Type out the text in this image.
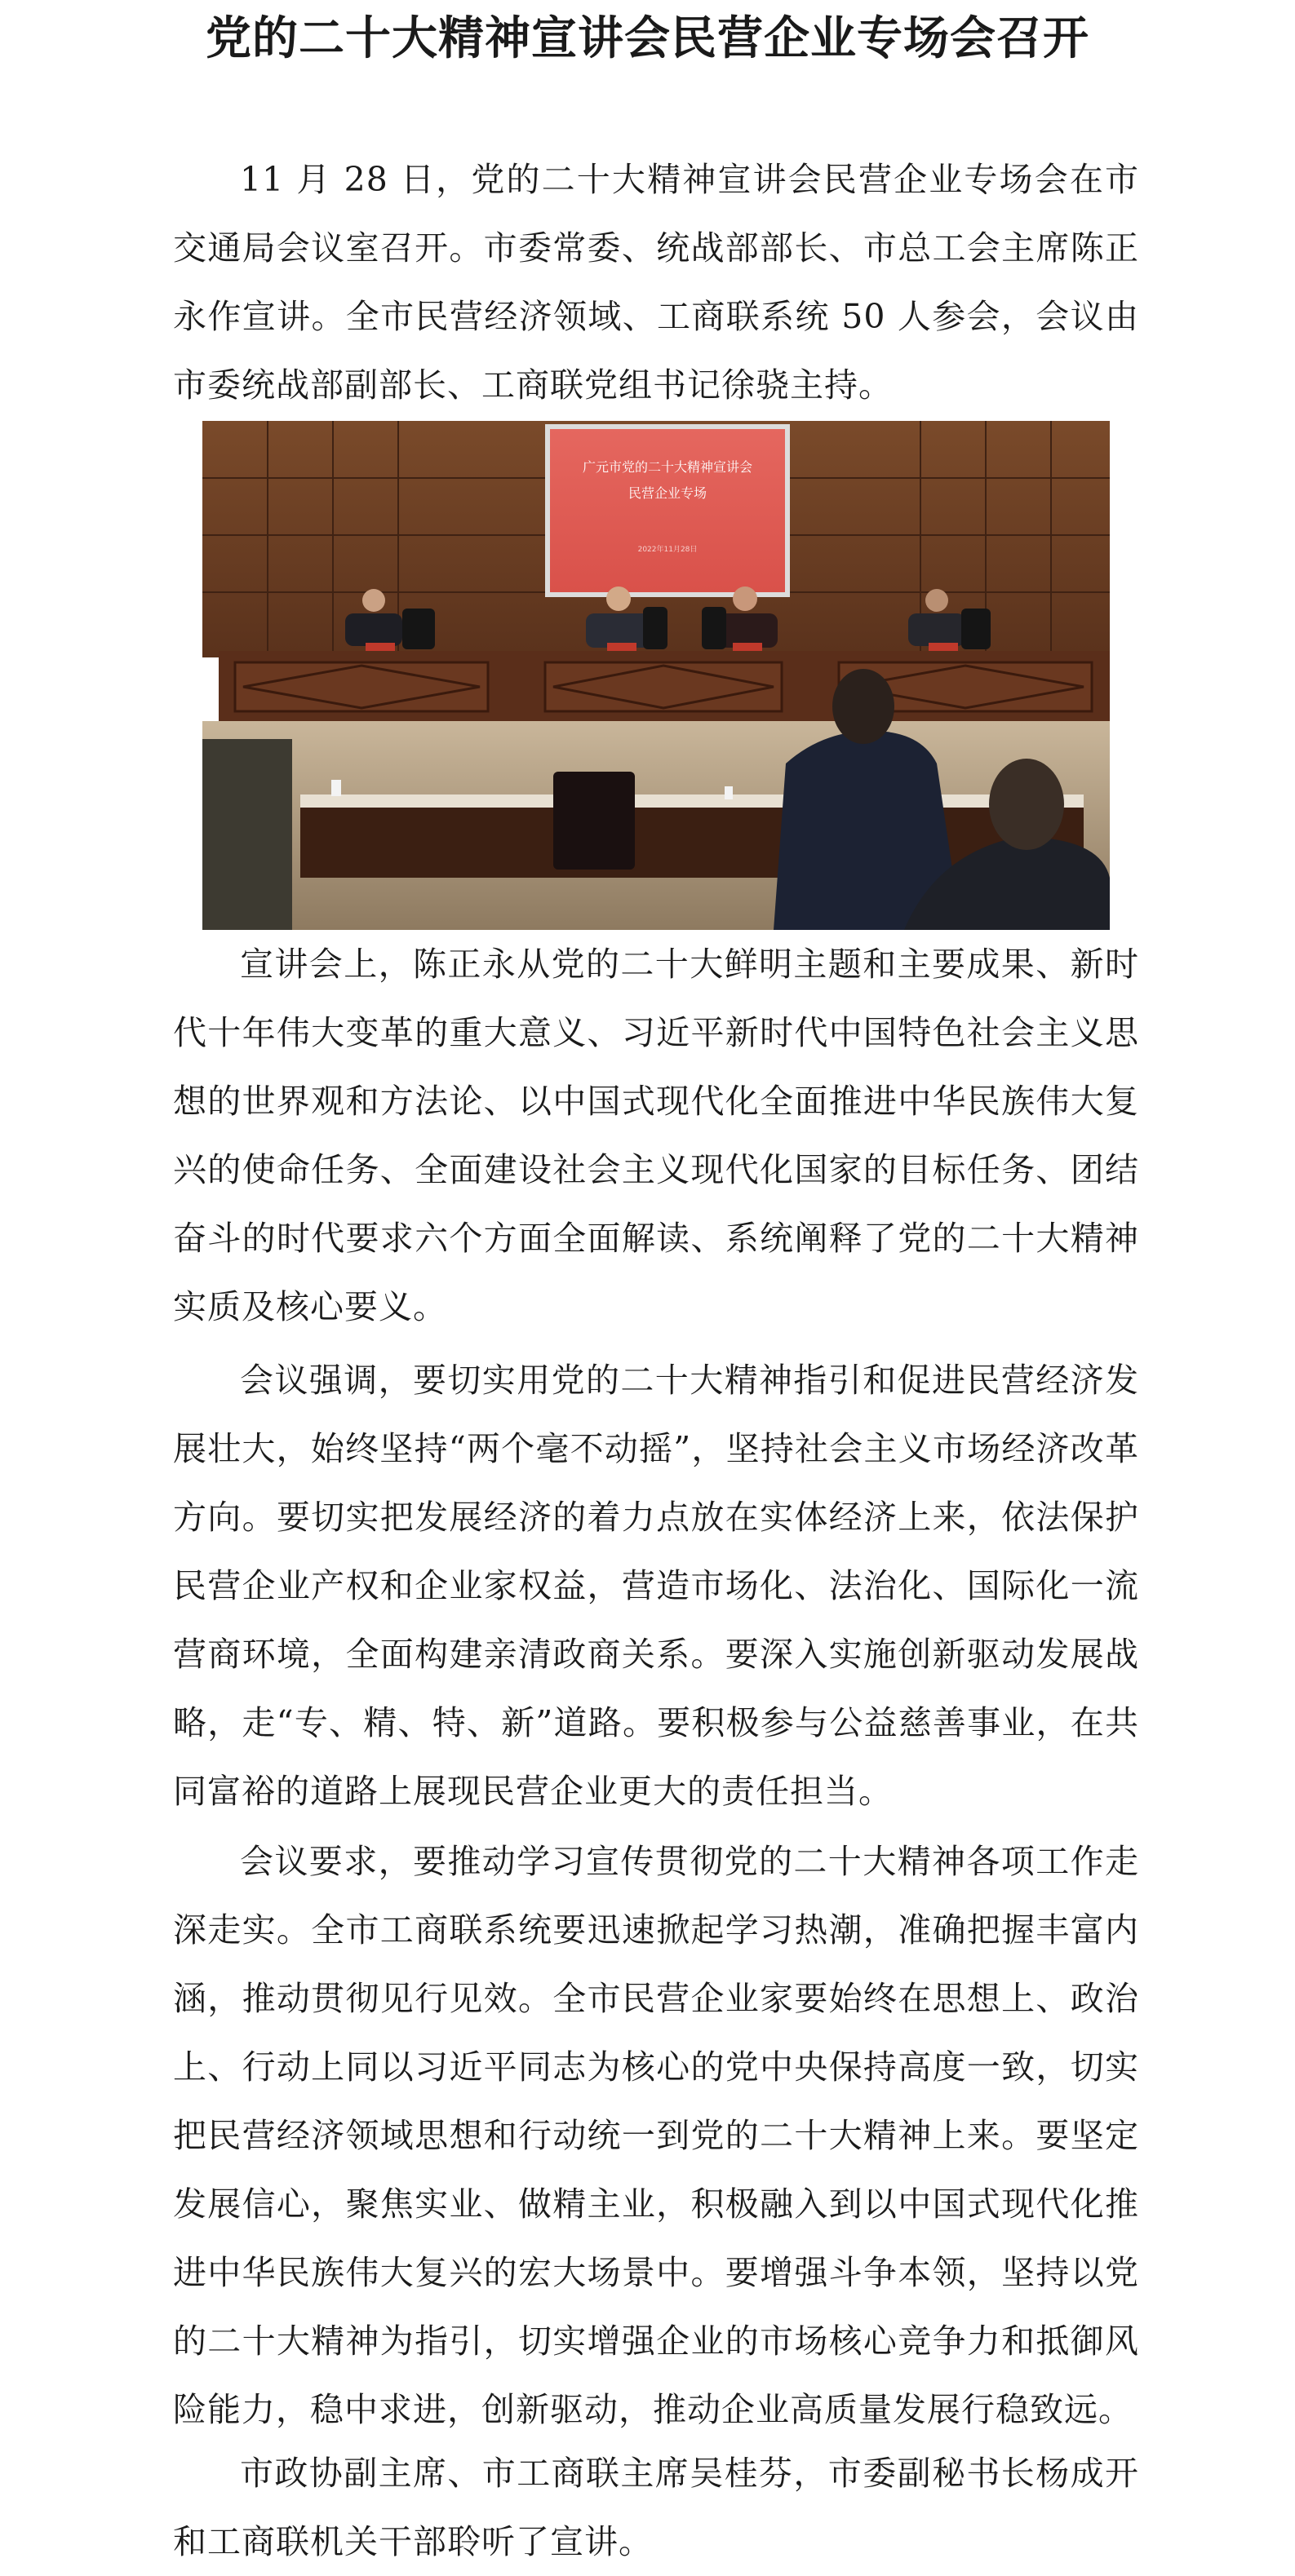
党的二十大精神宣讲会民营企业专场会召开

11 月 28 日，党的二十大精神宣讲会民营企业专场会在市交通局会议室召开。市委常委、统战部部长、市总工会主席陈正永作宣讲。全市民营经济领域、工商联系统 50 人参会，会议由市委统战部副部长、工商联党组书记徐骁主持。

广元市党的二十大精神宣讲会
民营企业专场
2022年11月28日

宣讲会上，陈正永从党的二十大鲜明主题和主要成果、新时代十年伟大变革的重大意义、习近平新时代中国特色社会主义思想的世界观和方法论、以中国式现代化全面推进中华民族伟大复兴的使命任务、全面建设社会主义现代化国家的目标任务、团结奋斗的时代要求六个方面全面解读、系统阐释了党的二十大精神实质及核心要义。

会议强调，要切实用党的二十大精神指引和促进民营经济发展壮大，始终坚持“两个毫不动摇”，坚持社会主义市场经济改革方向。要切实把发展经济的着力点放在实体经济上来，依法保护民营企业产权和企业家权益，营造市场化、法治化、国际化一流营商环境，全面构建亲清政商关系。要深入实施创新驱动发展战略，走“专、精、特、新”道路。要积极参与公益慈善事业，在共同富裕的道路上展现民营企业更大的责任担当。

会议要求，要推动学习宣传贯彻党的二十大精神各项工作走深走实。全市工商联系统要迅速掀起学习热潮，准确把握丰富内涵，推动贯彻见行见效。全市民营企业家要始终在思想上、政治上、行动上同以习近平同志为核心的党中央保持高度一致，切实把民营经济领域思想和行动统一到党的二十大精神上来。要坚定发展信心，聚焦实业、做精主业，积极融入到以中国式现代化推进中华民族伟大复兴的宏大场景中。要增强斗争本领，坚持以党的二十大精神为指引，切实增强企业的市场核心竞争力和抵御风险能力，稳中求进，创新驱动，推动企业高质量发展行稳致远。

市政协副主席、市工商联主席吴桂芬，市委副秘书长杨成开和工商联机关干部聆听了宣讲。
